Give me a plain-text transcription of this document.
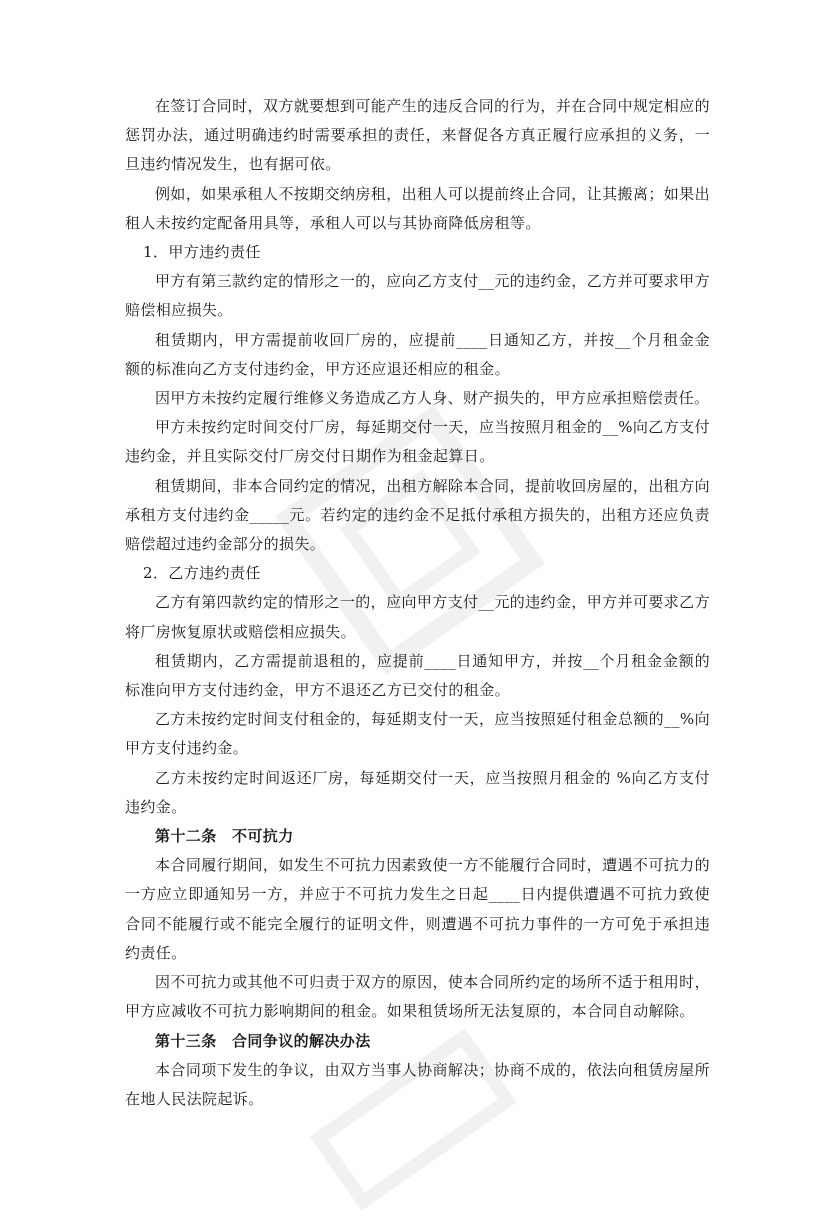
在签订合同时，双方就要想到可能产生的违反合同的行为，并在合同中规定相应的惩罚办法，通过明确违约时需要承担的责任，来督促各方真正履行应承担的义务，一旦违约情况发生，也有据可依。

例如，如果承租人不按期交纳房租，出租人可以提前终止合同，让其搬离；如果出租人未按约定配备用具等，承租人可以与其协商降低房租等。

1．甲方违约责任

甲方有第三款约定的情形之一的，应向乙方支付__元的违约金，乙方并可要求甲方赔偿相应损失。

租赁期内，甲方需提前收回厂房的，应提前____日通知乙方，并按__个月租金金额的标准向乙方支付违约金，甲方还应退还相应的租金。

因甲方未按约定履行维修义务造成乙方人身、财产损失的，甲方应承担赔偿责任。

甲方未按约定时间交付厂房，每延期交付一天，应当按照月租金的__%向乙方支付违约金，并且实际交付厂房交付日期作为租金起算日。

租赁期间，非本合同约定的情况，出租方解除本合同，提前收回房屋的，出租方向承租方支付违约金_____元。若约定的违约金不足抵付承租方损失的，出租方还应负责赔偿超过违约金部分的损失。

2．乙方违约责任

乙方有第四款约定的情形之一的，应向甲方支付__元的违约金，甲方并可要求乙方将厂房恢复原状或赔偿相应损失。

租赁期内，乙方需提前退租的，应提前____日通知甲方，并按__个月租金金额的标准向甲方支付违约金，甲方不退还乙方已交付的租金。

乙方未按约定时间支付租金的，每延期支付一天，应当按照延付租金总额的__%向甲方支付违约金。

乙方未按约定时间返还厂房，每延期交付一天，应当按照月租金的 %向乙方支付违约金。

第十二条　不可抗力

本合同履行期间，如发生不可抗力因素致使一方不能履行合同时，遭遇不可抗力的一方应立即通知另一方，并应于不可抗力发生之日起____日内提供遭遇不可抗力致使合同不能履行或不能完全履行的证明文件，则遭遇不可抗力事件的一方可免于承担违约责任。

因不可抗力或其他不可归责于双方的原因，使本合同所约定的场所不适于租用时，甲方应减收不可抗力影响期间的租金。如果租赁场所无法复原的，本合同自动解除。

第十三条　合同争议的解决办法

本合同项下发生的争议，由双方当事人协商解决；协商不成的，依法向租赁房屋所在地人民法院起诉。
